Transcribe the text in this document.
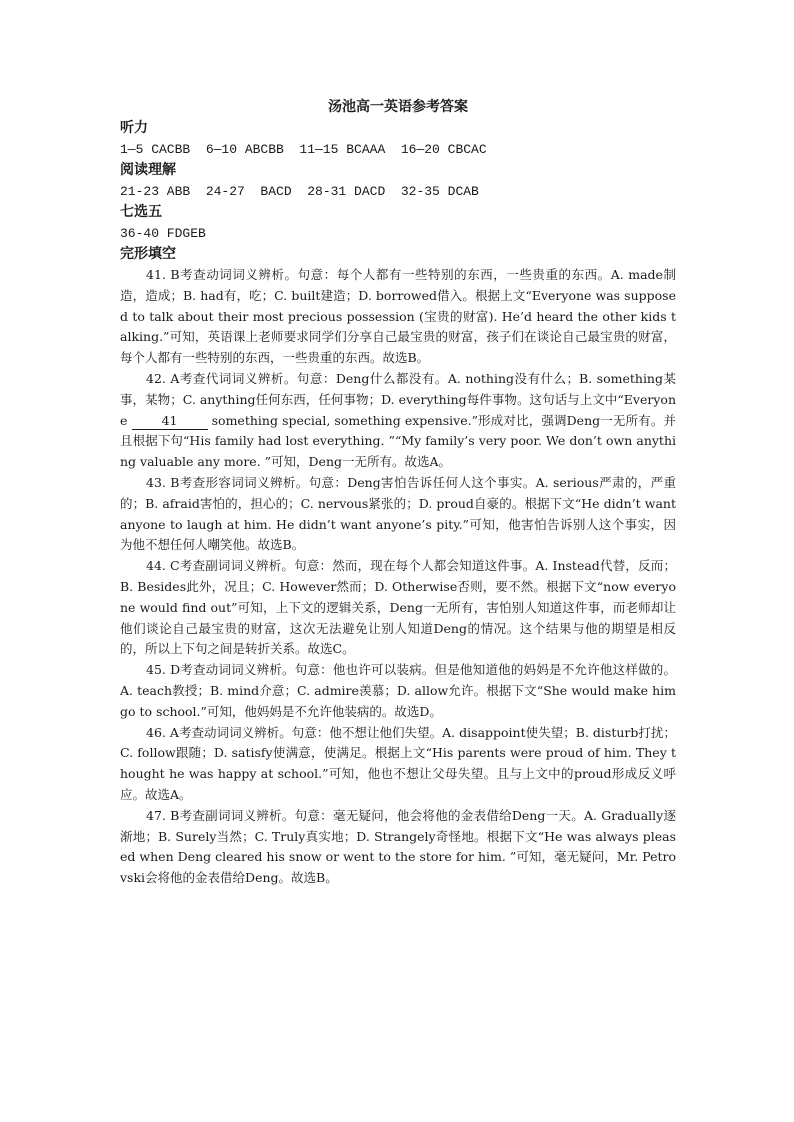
汤池高一英语参考答案
听力
1—5 CACBB  6—10 ABCBB  11—15 BCAAA  16—20 CBCAC
阅读理解
21-23 ABB  24-27  BACD  28-31 DACD  32-35 DCAB
七选五
36-40 FDGEB
完形填空

41. B考查动词词义辨析。句意：每个人都有一些特别的东西，一些贵重的东西。A. made制造，造成；B. had有，吃；C. built建造；D. borrowed借入。根据上文“Everyone was supposed to talk about their most precious possession (宝贵的财富). He’d heard the other kids talking.”可知，英语课上老师要求同学们分享自己最宝贵的财富，孩子们在谈论自己最宝贵的财富，每个人都有一些特别的东西，一些贵重的东西。故选B。

42. A考查代词词义辨析。句意：Deng什么都没有。A. nothing没有什么；B. something某事，某物；C. anything任何东西，任何事物；D. everything每件事物。这句话与上文中“Everyone 41 something special, something expensive.”形成对比，强调Deng一无所有。并且根据下句“His family had lost everything. ”“My family’s very poor. We don’t own anything valuable any more. ”可知，Deng一无所有。故选A。

43. B考查形容词词义辨析。句意：Deng害怕告诉任何人这个事实。A. serious严肃的，严重的；B. afraid害怕的，担心的；C. nervous紧张的；D. proud自豪的。根据下文“He didn’t want anyone to laugh at him. He didn’t want anyone’s pity.”可知，他害怕告诉别人这个事实，因为他不想任何人嘲笑他。故选B。

44. C考查副词词义辨析。句意：然而，现在每个人都会知道这件事。A. Instead代替，反而；B. Besides此外，况且；C. However然而；D. Otherwise否则，要不然。根据下文“now everyone would find out”可知，上下文的逻辑关系，Deng一无所有，害怕别人知道这件事，而老师却让他们谈论自己最宝贵的财富，这次无法避免让别人知道Deng的情况。这个结果与他的期望是相反的，所以上下句之间是转折关系。故选C。

45. D考查动词词义辨析。句意：他也许可以装病。但是他知道他的妈妈是不允许他这样做的。A. teach教授；B. mind介意；C. admire羡慕；D. allow允许。根据下文“She would make him go to school.”可知，他妈妈是不允许他装病的。故选D。

46. A考查动词词义辨析。句意：他不想让他们失望。A. disappoint使失望；B. disturb打扰；C. follow跟随；D. satisfy使满意，使满足。根据上文“His parents were proud of him. They thought he was happy at school.”可知，他也不想让父母失望。且与上文中的proud形成反义呼应。故选A。

47. B考查副词词义辨析。句意：毫无疑问，他会将他的金表借给Deng一天。A. Gradually逐渐地；B. Surely当然；C. Truly真实地；D. Strangely奇怪地。根据下文“He was always pleased when Deng cleared his snow or went to the store for him. ”可知，毫无疑问，Mr. Petrovski会将他的金表借给Deng。故选B。
